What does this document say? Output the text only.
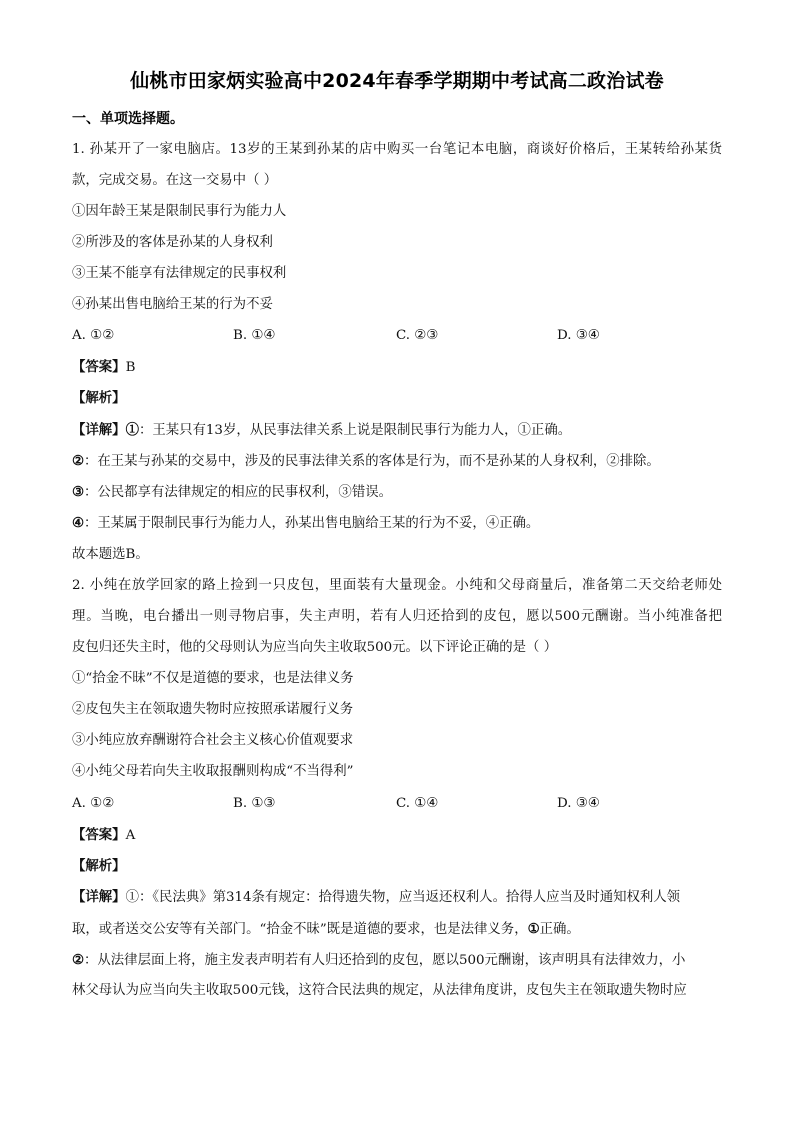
仙桃市田家炳实验高中2024年春季学期期中考试高二政治试卷
一、单项选择题。
1. 孙某开了一家电脑店。13岁的王某到孙某的店中购买一台笔记本电脑，商谈好价格后，王某转给孙某货
款，完成交易。在这一交易中（ ）
①因年龄王某是限制民事行为能力人
②所涉及的客体是孙某的人身权利
③王某不能享有法律规定的民事权利
④孙某出售电脑给王某的行为不妥
A. ①②	B. ①④	C. ②③	D. ③④
【答案】B
【解析】
【详解】①：王某只有13岁，从民事法律关系上说是限制民事行为能力人，①正确。
②：在王某与孙某的交易中，涉及的民事法律关系的客体是行为，而不是孙某的人身权利，②排除。
③：公民都享有法律规定的相应的民事权利，③错误。
④：王某属于限制民事行为能力人，孙某出售电脑给王某的行为不妥，④正确。
故本题选B。
2. 小纯在放学回家的路上捡到一只皮包，里面装有大量现金。小纯和父母商量后，准备第二天交给老师处
理。当晚，电台播出一则寻物启事，失主声明，若有人归还拾到的皮包，愿以500元酬谢。当小纯准备把
皮包归还失主时，他的父母则认为应当向失主收取500元。以下评论正确的是（ ）
①“拾金不昧”不仅是道德的要求，也是法律义务
②皮包失主在领取遗失物时应按照承诺履行义务
③小纯应放弃酬谢符合社会主义核心价值观要求
④小纯父母若向失主收取报酬则构成“不当得利”
A. ①②	B. ①③	C. ①④	D. ③④
【答案】A
【解析】
【详解】①：《民法典》第314条有规定：拾得遗失物，应当返还权利人。拾得人应当及时通知权利人领
取，或者送交公安等有关部门。“拾金不昧”既是道德的要求，也是法律义务，①正确。
②：从法律层面上将，施主发表声明若有人归还拾到的皮包，愿以500元酬谢，该声明具有法律效力，小
林父母认为应当向失主收取500元钱，这符合民法典的规定，从法律角度讲，皮包失主在领取遗失物时应
